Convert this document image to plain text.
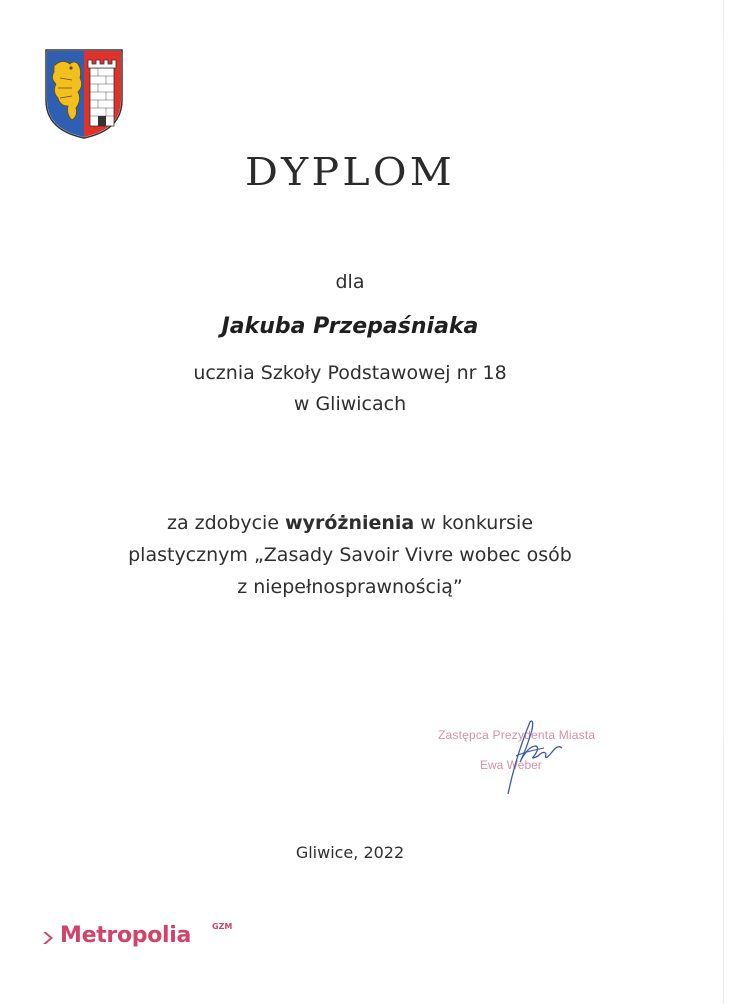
DYPLOM
dla
Jakuba Przepaśniaka
ucznia Szkoły Podstawowej nr 18
w Gliwicach
za zdobycie wyróżnienia w konkursie
plastycznym „Zasady Savoir Vivre wobec osób
z niepełnosprawnością”
Zastępca Prezydenta Miasta
Ewa Weber
Gliwice, 2022
Metropolia	GZM
